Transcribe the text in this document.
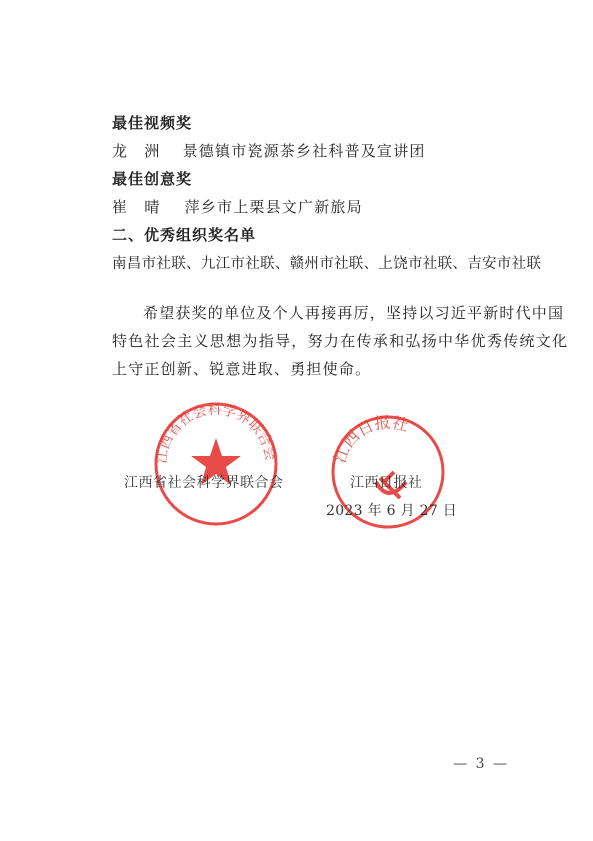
最佳视频奖
龙　洲 景德镇市瓷源茶乡社科普及宣讲团
最佳创意奖
崔　晴 萍乡市上栗县文广新旅局
二、优秀组织奖名单
南昌市社联、九江市社联、赣州市社联、上饶市社联、吉安市社联
希望获奖的单位及个人再接再厉，坚持以习近平新时代中国
特色社会主义思想为指导，努力在传承和弘扬中华优秀传统文化
上守正创新、锐意进取、勇担使命。
江西省社会科学界联合会	江西日报社
江西省社会科学界联合会	江西日报社
2023 年 6 月 27 日
— 3 —
